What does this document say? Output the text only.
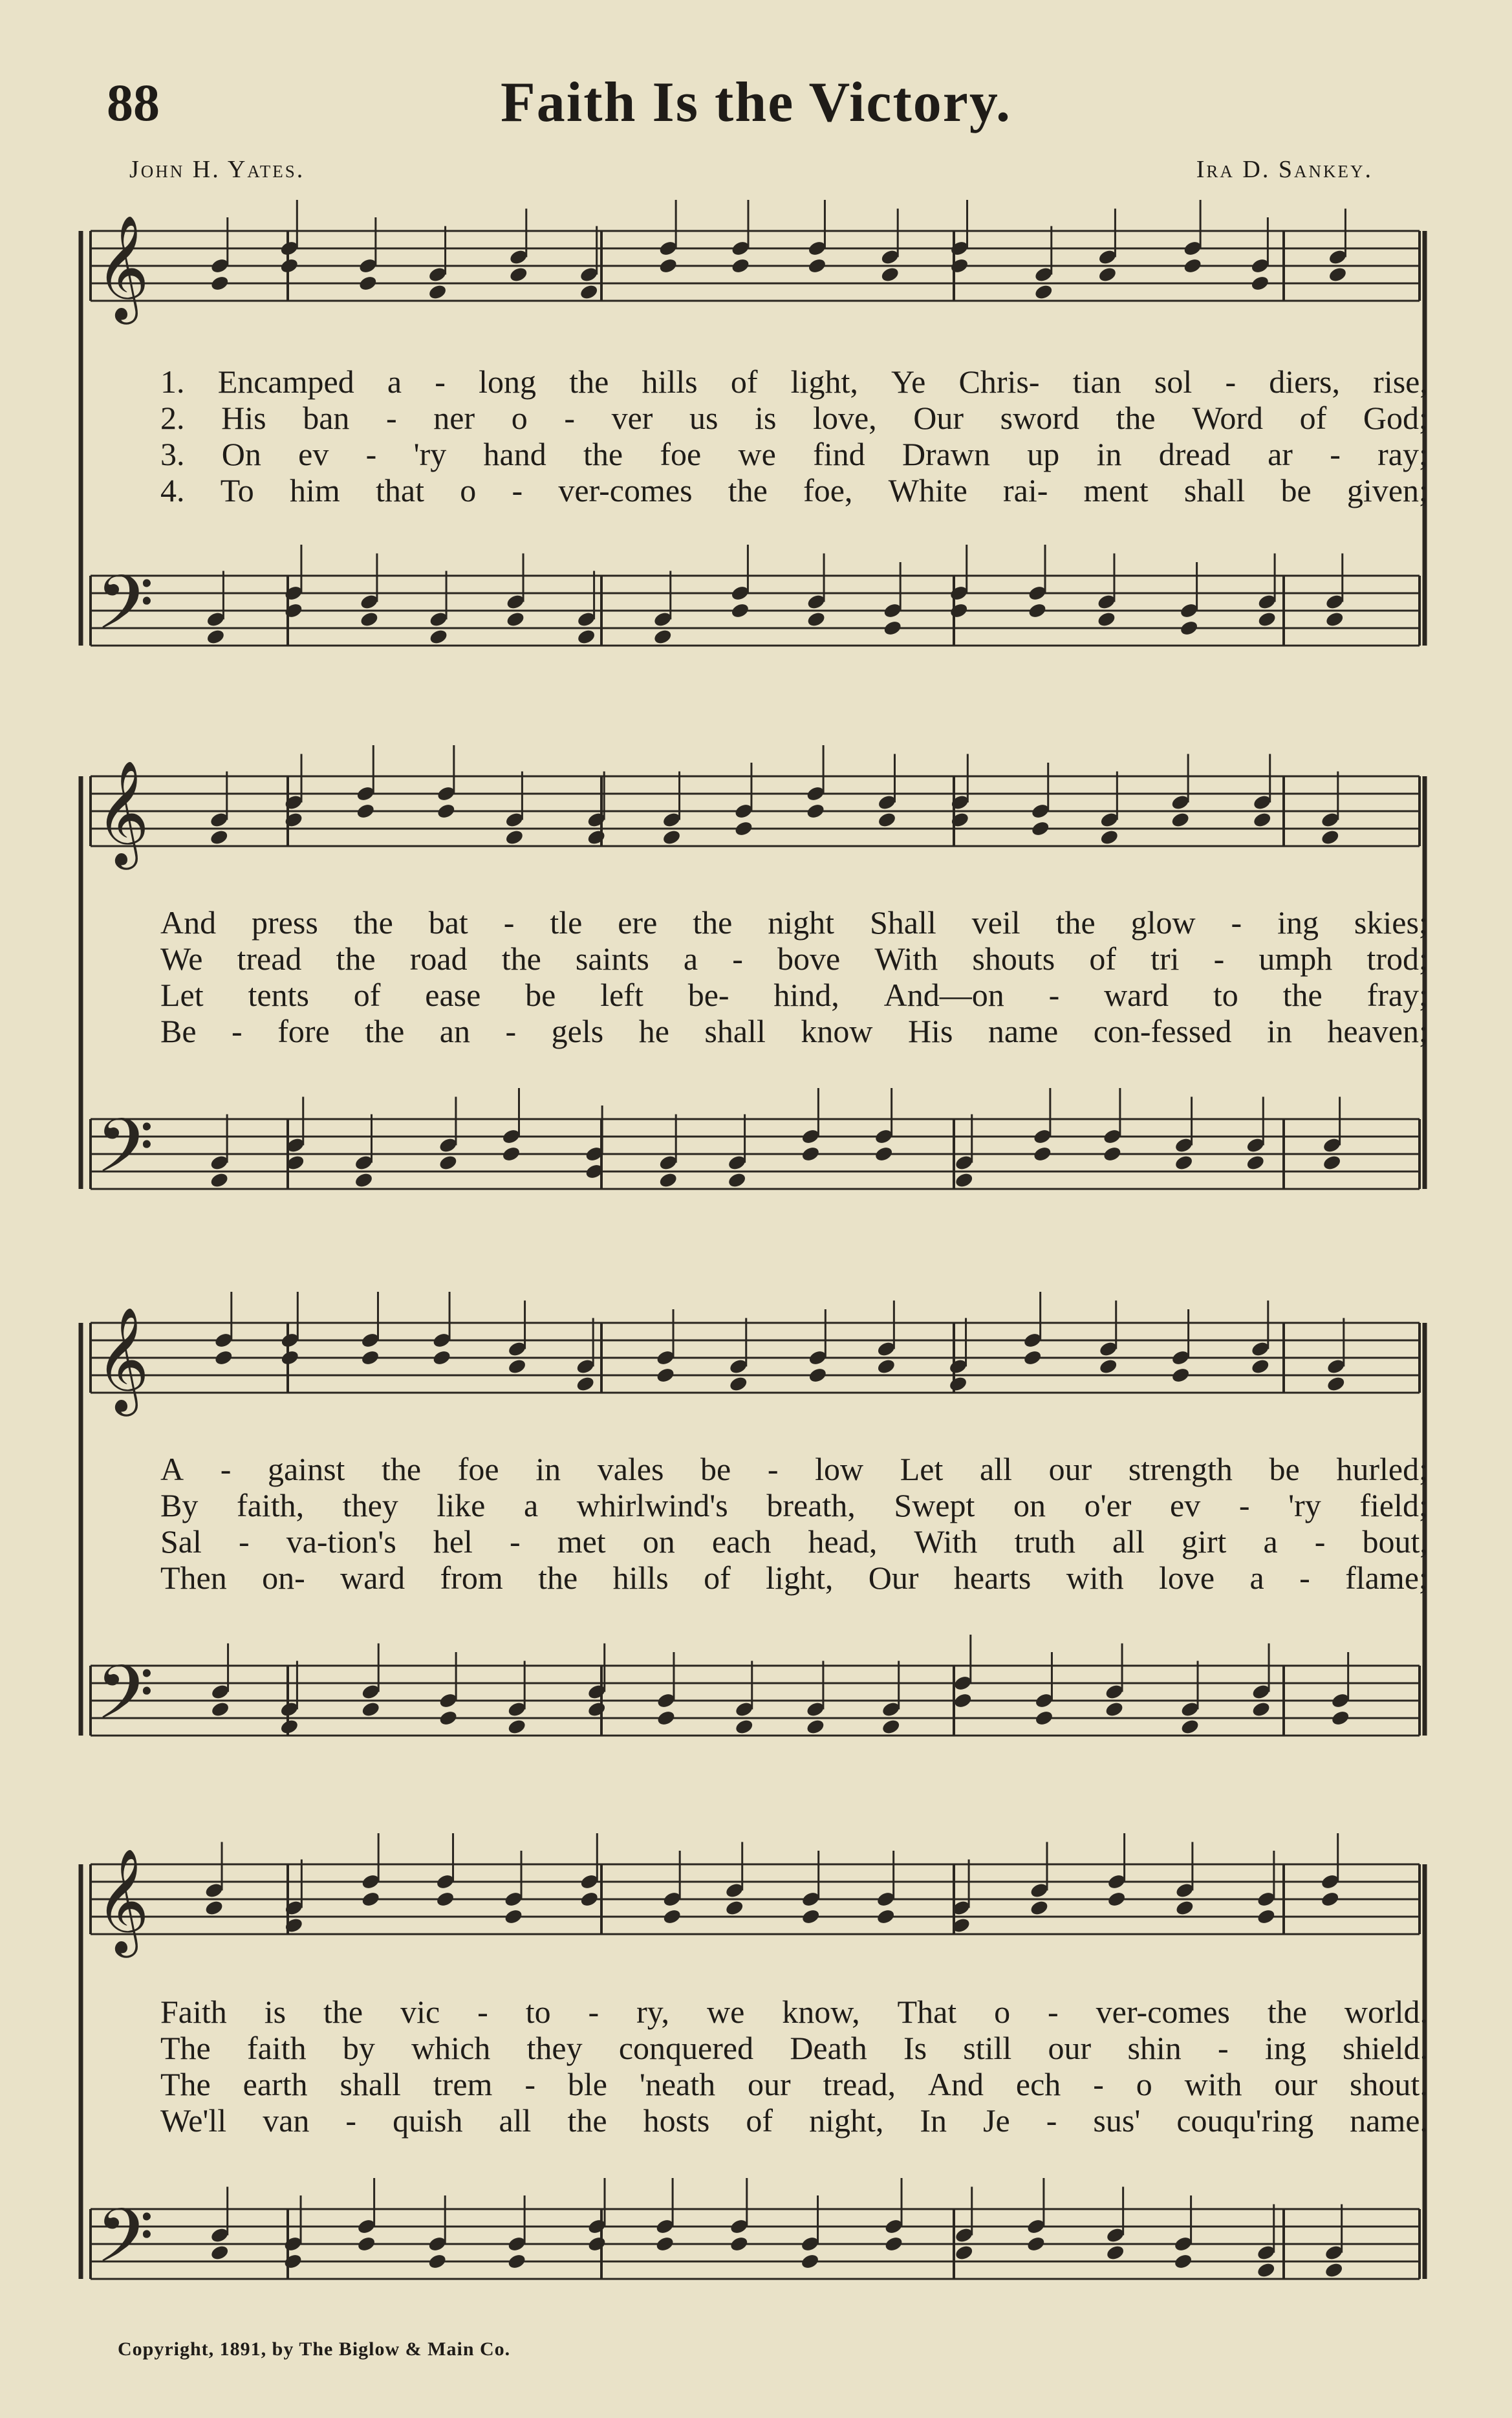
88	Faith Is the Victory.
John H. Yates.	Ira D. Sankey.
𝄞
𝄢
𝄞
𝄢
𝄞
𝄢
𝄞
𝄢
1. Encamped a - long the hills of light, Ye Chris- tian sol - diers, rise,
2. His ban - ner o - ver us is love, Our sword the Word of God;
3. On ev - 'ry hand the foe we find Drawn up in dread ar - ray;
4. To him that o - ver-comes the foe, White rai- ment shall be given;
And press the bat - tle ere the night Shall veil the glow - ing skies;
We tread the road the saints a - bove With shouts of tri - umph trod;
Let tents of ease be left be- hind, And—on - ward to the fray;
Be - fore the an - gels he shall know His name con-fessed in heaven;
A - gainst the foe in vales be - low Let all our strength be hurled;
By faith, they like a whirlwind's breath, Swept on o'er ev - 'ry field;
Sal - va-tion's hel - met on each head, With truth all girt a - bout,
Then on- ward from the hills of light, Our hearts with love a - flame;
Faith is the vic - to - ry, we know, That o - ver-comes the world.
The faith by which they conquered Death Is still our shin - ing shield.
The earth shall trem - ble 'neath our tread, And ech - o with our shout.
We'll van - quish all the hosts of night, In Je - sus' couqu'ring name.
Copyright, 1891, by The Biglow & Main Co.
